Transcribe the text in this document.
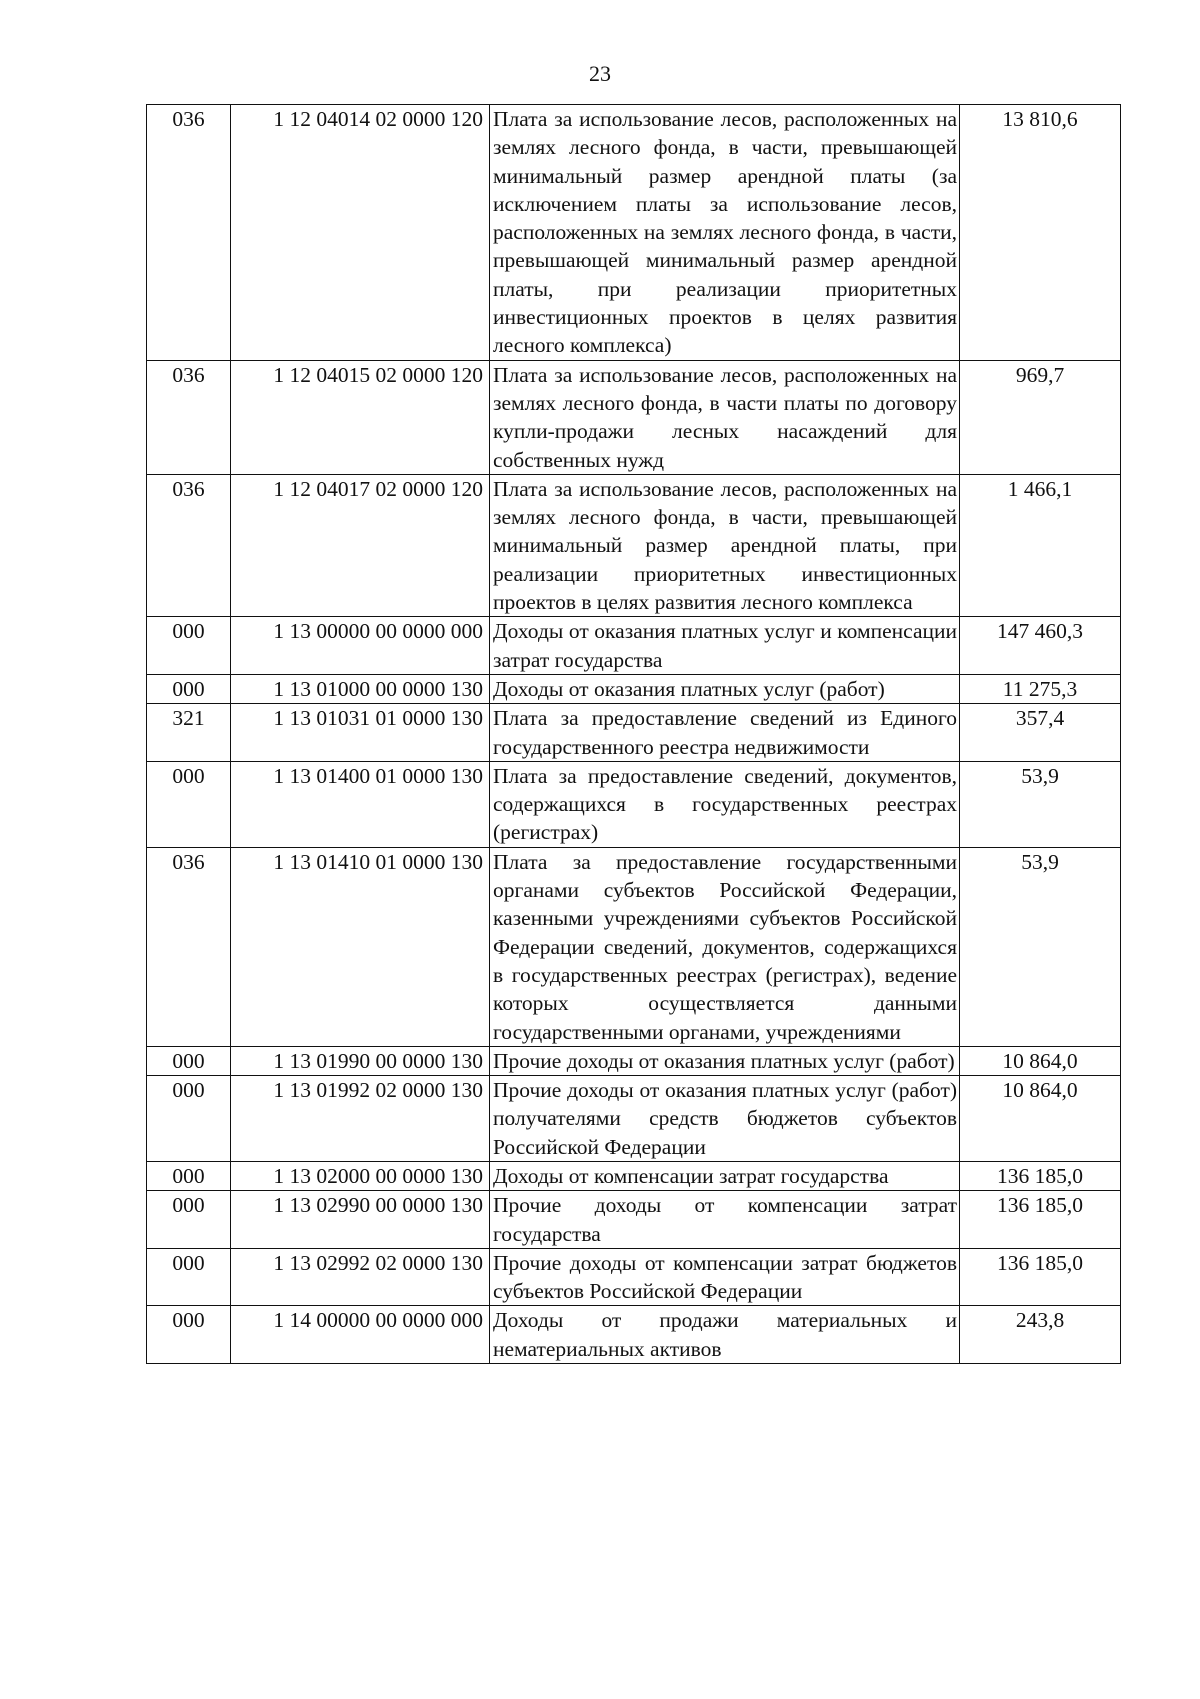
23
036	1 12 04014 02 0000 120	Плата за использование лесов, расположенных на землях лесного фонда, в части, превышающей минимальный размер арендной платы (за исключением платы за использование лесов, расположенных на землях лесного фонда, в части, превышающей минимальный размер арендной платы, при реализации приоритетных инвестиционных проектов в целях развития лесного комплекса)	13 810,6
036	1 12 04015 02 0000 120	Плата за использование лесов, расположенных на землях лесного фонда, в части платы по договору купли-продажи лесных насаждений для собственных нужд	969,7
036	1 12 04017 02 0000 120	Плата за использование лесов, расположенных на землях лесного фонда, в части, превышающей минимальный размер арендной платы, при реализации приоритетных инвестиционных проектов в целях развития лесного комплекса	1 466,1
000	1 13 00000 00 0000 000	Доходы от оказания платных услуг и компенсации затрат государства	147 460,3
000	1 13 01000 00 0000 130	Доходы от оказания платных услуг (работ)	11 275,3
321	1 13 01031 01 0000 130	Плата за предоставление сведений из Единого государственного реестра недвижимости	357,4
000	1 13 01400 01 0000 130	Плата за предоставление сведений, документов, содержащихся в государственных реестрах (регистрах)	53,9
036	1 13 01410 01 0000 130	Плата за предоставление государственными органами субъектов Российской Федерации, казенными учреждениями субъектов Российской Федерации сведений, документов, содержащихся в государственных реестрах (регистрах), ведение которых осуществляется данными государственными органами, учреждениями	53,9
000	1 13 01990 00 0000 130	Прочие доходы от оказания платных услуг (работ)	10 864,0
000	1 13 01992 02 0000 130	Прочие доходы от оказания платных услуг (работ) получателями средств бюджетов субъектов Российской Федерации	10 864,0
000	1 13 02000 00 0000 130	Доходы от компенсации затрат государства	136 185,0
000	1 13 02990 00 0000 130	Прочие доходы от компенсации затрат государства	136 185,0
000	1 13 02992 02 0000 130	Прочие доходы от компенсации затрат бюджетов субъектов Российской Федерации	136 185,0
000	1 14 00000 00 0000 000	Доходы от продажи материальных и нематериальных активов	243,8
